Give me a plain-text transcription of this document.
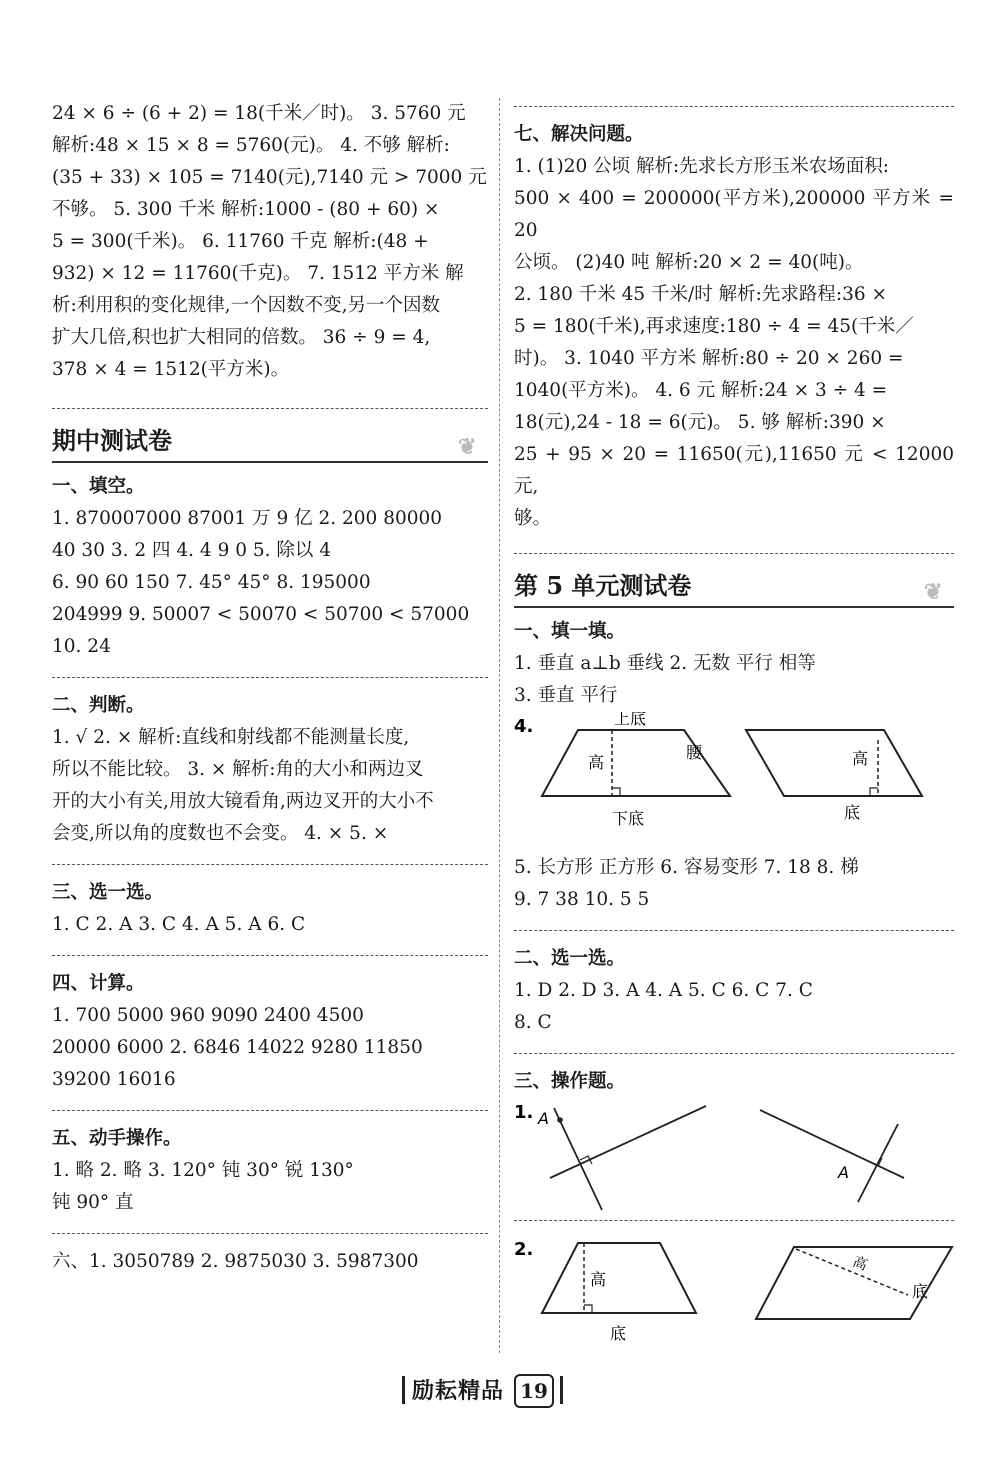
24 × 6 ÷ (6 + 2) = 18(千米／时)。 3. 5760 元

解析:48 × 15 × 8 = 5760(元)。 4. 不够 解析:

(35 + 33) × 105 = 7140(元),7140 元 > 7000 元

不够。 5. 300 千米 解析:1000 - (80 + 60) ×

5 = 300(千米)。 6. 11760 千克 解析:(48 +

932) × 12 = 11760(千克)。 7. 1512 平方米 解

析:利用积的变化规律,一个因数不变,另一个因数

扩大几倍,积也扩大相同的倍数。 36 ÷ 9 = 4,

378 × 4 = 1512(平方米)。

期中测试卷	❦

一、填空。

1. 870007000 87001 万 9 亿 2. 200 80000

40 30 3. 2 四 4. 4 9 0 5. 除以 4

6. 90 60 150 7. 45° 45° 8. 195000

204999 9. 50007 < 50070 < 50700 < 57000

10. 24

二、判断。

1. √ 2. × 解析:直线和射线都不能测量长度,

所以不能比较。 3. × 解析:角的大小和两边叉

开的大小有关,用放大镜看角,两边叉开的大小不

会变,所以角的度数也不会变。 4. × 5. ×

三、选一选。

1. C 2. A 3. C 4. A 5. A 6. C

四、计算。

1. 700 5000 960 9090 2400 4500

20000 6000 2. 6846 14022 9280 11850

39200 16016

五、动手操作。

1. 略 2. 略 3. 120° 钝 30° 锐 130°

钝 90° 直

六、1. 3050789 2. 9875030 3. 5987300

七、解决问题。

1. (1)20 公顷 解析:先求长方形玉米农场面积:

500 × 400 = 200000(平方米),200000 平方米 = 20

公顷。 (2)40 吨 解析:20 × 2 = 40(吨)。

2. 180 千米 45 千米/时 解析:先求路程:36 ×

5 = 180(千米),再求速度:180 ÷ 4 = 45(千米／

时)。 3. 1040 平方米 解析:80 ÷ 20 × 260 =

1040(平方米)。 4. 6 元 解析:24 × 3 ÷ 4 =

18(元),24 - 18 = 6(元)。 5. 够 解析:390 ×

25 + 95 × 20 = 11650(元),11650 元 < 12000 元,

够。

第 5 单元测试卷	❦

一、填一填。

1. 垂直 a⊥b 垂线 2. 无数 平行 相等

3. 垂直 平行

4.	上底
高
腰
下底
高
底

5. 长方形 正方形 6. 容易变形 7. 18 8. 梯

9. 7 38 10. 5 5

二、选一选。

1. D 2. D 3. A 4. A 5. C 6. C 7. C

8. C

三、操作题。

1. A
A
2.
高
底
高
底
励耘精品 19
